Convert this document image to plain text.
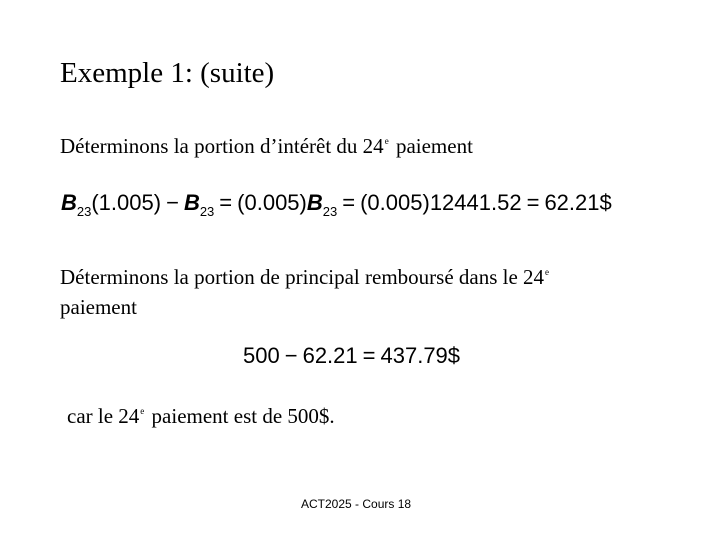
Exemple 1: (suite)
Déterminons la portion d’intérêt du 24e paiement
$B_{23}(1.005) - B_{23} = (0.005)B_{23} = (0.005)12441.52$ = 62.21$
Déterminons la portion de principal remboursé dans le 24e
paiement
500 − 62.21 = 437.79$
car le 24e paiement est de 500$.
ACT2025 - Cours 18
